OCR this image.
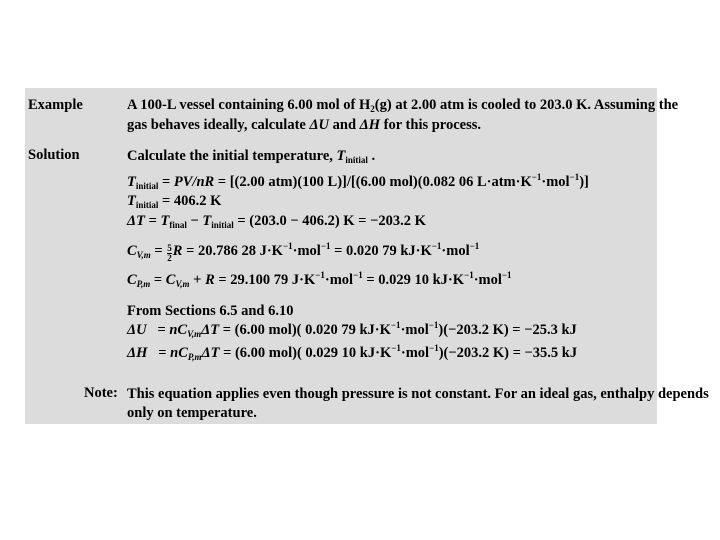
Example	A 100-L vessel containing 6.00 mol of $H_2(g)$ at 2.00 atm is cooled to 203.0 K. Assuming the
gas behaves ideally, calculate ΔU and ΔH for this process.
Solution	Calculate the initial temperature, $T_{initial}$ .
$T_{initial} = PV/nR = [(2.00$ atm)(100 L)]/[(6.00 mol)(0.082 06 $L\cdot atm\cdot K^{-1}\cdot mol^{-1}$)]
$T_{initial} = 406.2$ K
$\Delta T = T_{final} - T_{initial} = (203.0 - 406.2) K = -203.2$ K
$C_{V,m} = \frac{5}{2}$ R = 20.786 28 $J\cdot K^{-1}\cdot mol^{-1} = 0.020$ 79 $kJ\cdot K^{-1}\cdot mol^{-1}$
$C_{P,m} = C_{V,m} + R = 29.100$ 79 $J\cdot K^{-1}\cdot mol^{-1} = 0.029$ 10 $kJ\cdot K^{-1}\cdot mol^{-1}$
From Sections 6.5 and 6.10
$\Delta U = nC_{V,m}\Delta T = (6.00$ mol)( 0.020 79 $kJ\cdot K^{-1}\cdot mol^{-1})(-203.2$ K) = −25.3 kJ
$\Delta H = nC_{P,m}\Delta T = (6.00$ mol)( 0.029 10 $kJ\cdot K^{-1}\cdot mol^{-1})(-203.2$ K) = −35.5 kJ
Note: This equation applies even though pressure is not constant. For an ideal gas, enthalpy depends
only on temperature.
